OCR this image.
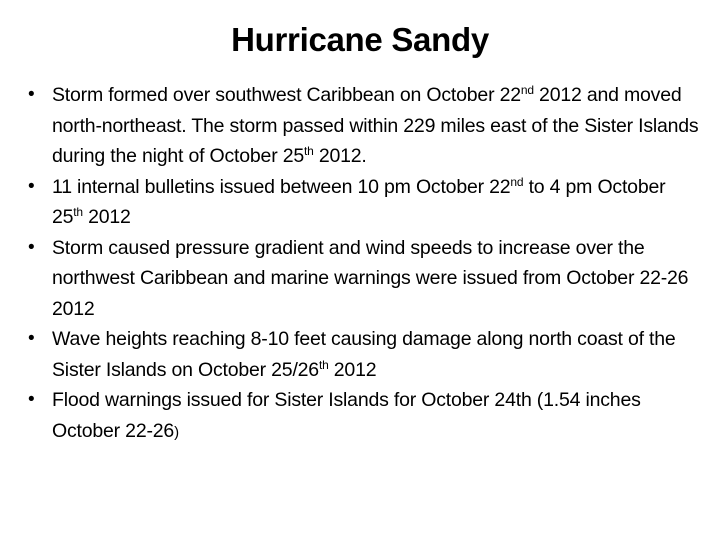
Hurricane Sandy
• Storm formed over southwest Caribbean on October 22nd 2012 and moved north-northeast. The storm passed within 229 miles east of the Sister Islands during the night of October 25th 2012.
• 11 internal bulletins issued between 10 pm October 22nd to 4 pm October 25th 2012
• Storm caused pressure gradient and wind speeds to increase over the northwest Caribbean and marine warnings were issued from October 22-26 2012
• Wave heights reaching 8-10 feet causing damage along north coast of the Sister Islands on October 25/26th 2012
• Flood warnings issued for Sister Islands for October 24th (1.54 inches October 22-26)
